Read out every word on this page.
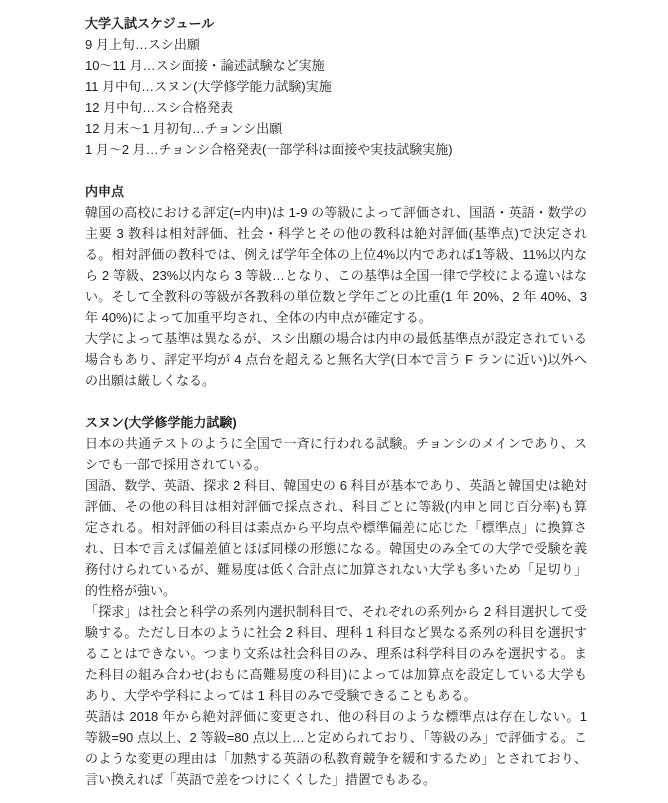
大学入試スケジュール
9 月上旬…スシ出願
10～11 月…スシ面接・論述試験など実施
11 月中旬…スヌン(大学修学能力試験)実施
12 月中旬…スシ合格発表
12 月末～1 月初旬…チョンシ出願
1 月～2 月…チョンシ合格発表(一部学科は面接や実技試験実施)
内申点

韓国の高校における評定(=内申)は 1-9 の等級によって評価され、国語・英語・数学の主要 3 教科は相対評価、社会・科学とその他の教科は絶対評価(基準点)で決定される。相対評価の教科では、例えば学年全体の上位4%以内であれば1等級、11%以内なら 2 等級、23%以内なら 3 等級…となり、この基準は全国一律で学校による違いはない。そして全教科の等級が各教科の単位数と学年ごとの比重(1 年 20%、2 年 40%、3 年 40%)によって加重平均され、全体の内申点が確定する。

大学によって基準は異なるが、スシ出願の場合は内申の最低基準点が設定されている場合もあり、評定平均が 4 点台を超えると無名大学(日本で言う F ランに近い)以外への出願は厳しくなる。

スヌン(大学修学能力試験)

日本の共通テストのように全国で一斉に行われる試験。チョンシのメインであり、スシでも一部で採用されている。

国語、数学、英語、探求 2 科目、韓国史の 6 科目が基本であり、英語と韓国史は絶対評価、その他の科目は相対評価で採点され、科目ごとに等級(内申と同じ百分率)も算定される。相対評価の科目は素点から平均点や標準偏差に応じた「標準点」に換算され、日本で言えば偏差値とほぼ同様の形態になる。韓国史のみ全ての大学で受験を義務付けられているが、難易度は低く合計点に加算されない大学も多いため「足切り」的性格が強い。

「探求」は社会と科学の系列内選択制科目で、それぞれの系列から 2 科目選択して受験する。ただし日本のように社会 2 科目、理科 1 科目など異なる系列の科目を選択することはできない。つまり文系は社会科目のみ、理系は科学科目のみを選択する。また科目の組み合わせ(おもに高難易度の科目)によっては加算点を設定している大学もあり、大学や学科によっては 1 科目のみで受験できることもある。

英語は 2018 年から絶対評価に変更され、他の科目のような標準点は存在しない。1 等級=90 点以上、2 等級=80 点以上…と定められており、「等級のみ」で評価する。このような変更の理由は「加熱する英語の私教育競争を緩和するため」とされており、言い換えれば「英語で差をつけにくくした」措置でもある。
